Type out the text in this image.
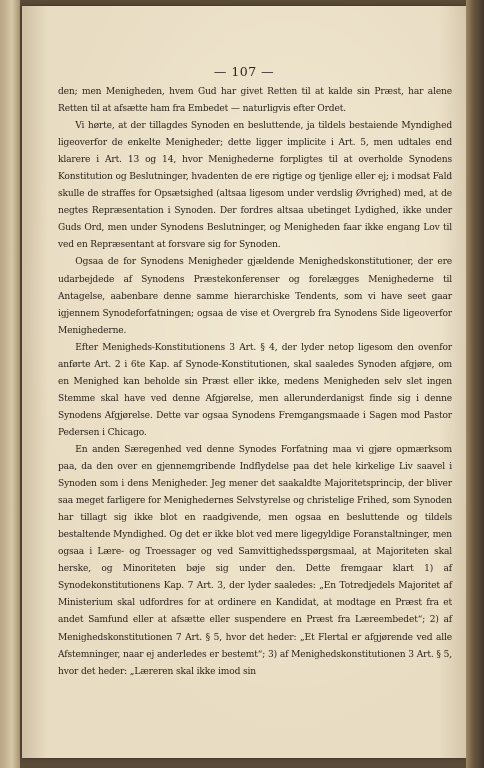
— 107 —

den; men Menigheden, hvem Gud har givet Retten til at kalde sin Præst, har alene Retten til at afsætte ham fra Embedet — naturligvis efter Ordet.

Vi hørte, at der tillagdes Synoden en besluttende, ja tildels bestaiende Myndighed ligeoverfor de enkelte Menigheder; dette ligger implicite i Art. 5, men udtales end klarere i Art. 13 og 14, hvor Menighederne forpligtes til at overholde Synodens Konstitution og Beslutninger, hvadenten de ere rigtige og tjenlige eller ej; i modsat Fald skulle de straffes for Opsætsighed (altsaa ligesom under verdslig Øvrighed) med, at de negtes Repræsentation i Synoden. Der fordres altsaa ubetinget Lydighed, ikke under Guds Ord, men under Synodens Beslutninger, og Menigheden faar ikke engang Lov til ved en Repræsentant at forsvare sig for Synoden.

Ogsaa de for Synodens Menigheder gjældende Menighedskonstitutioner, der ere udarbejdede af Synodens Præstekonferenser og forelægges Menighederne til Antagelse, aabenbare denne samme hierarchiske Tendents, som vi have seet gaar igjennem Synodeforfatningen; ogsaa de vise et Overgreb fra Synodens Side ligeoverfor Menighederne.

Efter Menigheds-Konstitutionens 3 Art. § 4, der lyder netop ligesom den ovenfor anførte Art. 2 i 6te Kap. af Synode-Konstitutionen, skal saaledes Synoden afgjøre, om en Menighed kan beholde sin Præst eller ikke, medens Menigheden selv slet ingen Stemme skal have ved denne Afgjørelse, men allerunderdanigst finde sig i denne Synodens Afgjørelse. Dette var ogsaa Synodens Fremgangsmaade i Sagen mod Pastor Pedersen i Chicago.

En anden Særegenhed ved denne Synodes Forfatning maa vi gjøre opmærksom paa, da den over en gjennemgribende Indflydelse paa det hele kirkelige Liv saavel i Synoden som i dens Menigheder. Jeg mener det saakaldte Majoritetsprincip, der bliver saa meget farligere for Menighedernes Selvstyrelse og christelige Frihed, som Synoden har tillagt sig ikke blot en raadgivende, men ogsaa en besluttende og tildels bestaltende Myndighed. Og det er ikke blot ved mere ligegyldige Foranstaltninger, men ogsaa i Lære- og Troessager og ved Samvittighedsspørgsmaal, at Majoriteten skal herske, og Minoriteten bøje sig under den. Dette fremgaar klart 1) af Synodekonstitutionens Kap. 7 Art. 3, der lyder saaledes: „En Totredjedels Majoritet af Ministerium skal udfordres for at ordinere en Kandidat, at modtage en Præst fra et andet Samfund eller at afsætte eller suspendere en Præst fra Læreembedet“; 2) af Menighedskonstitutionen 7 Art. § 5, hvor det heder: „Et Flertal er afgjørende ved alle Afstemninger, naar ej anderledes er bestemt“; 3) af Menighedskonstitutionen 3 Art. § 5, hvor det heder: „Læreren skal ikke imod sin
